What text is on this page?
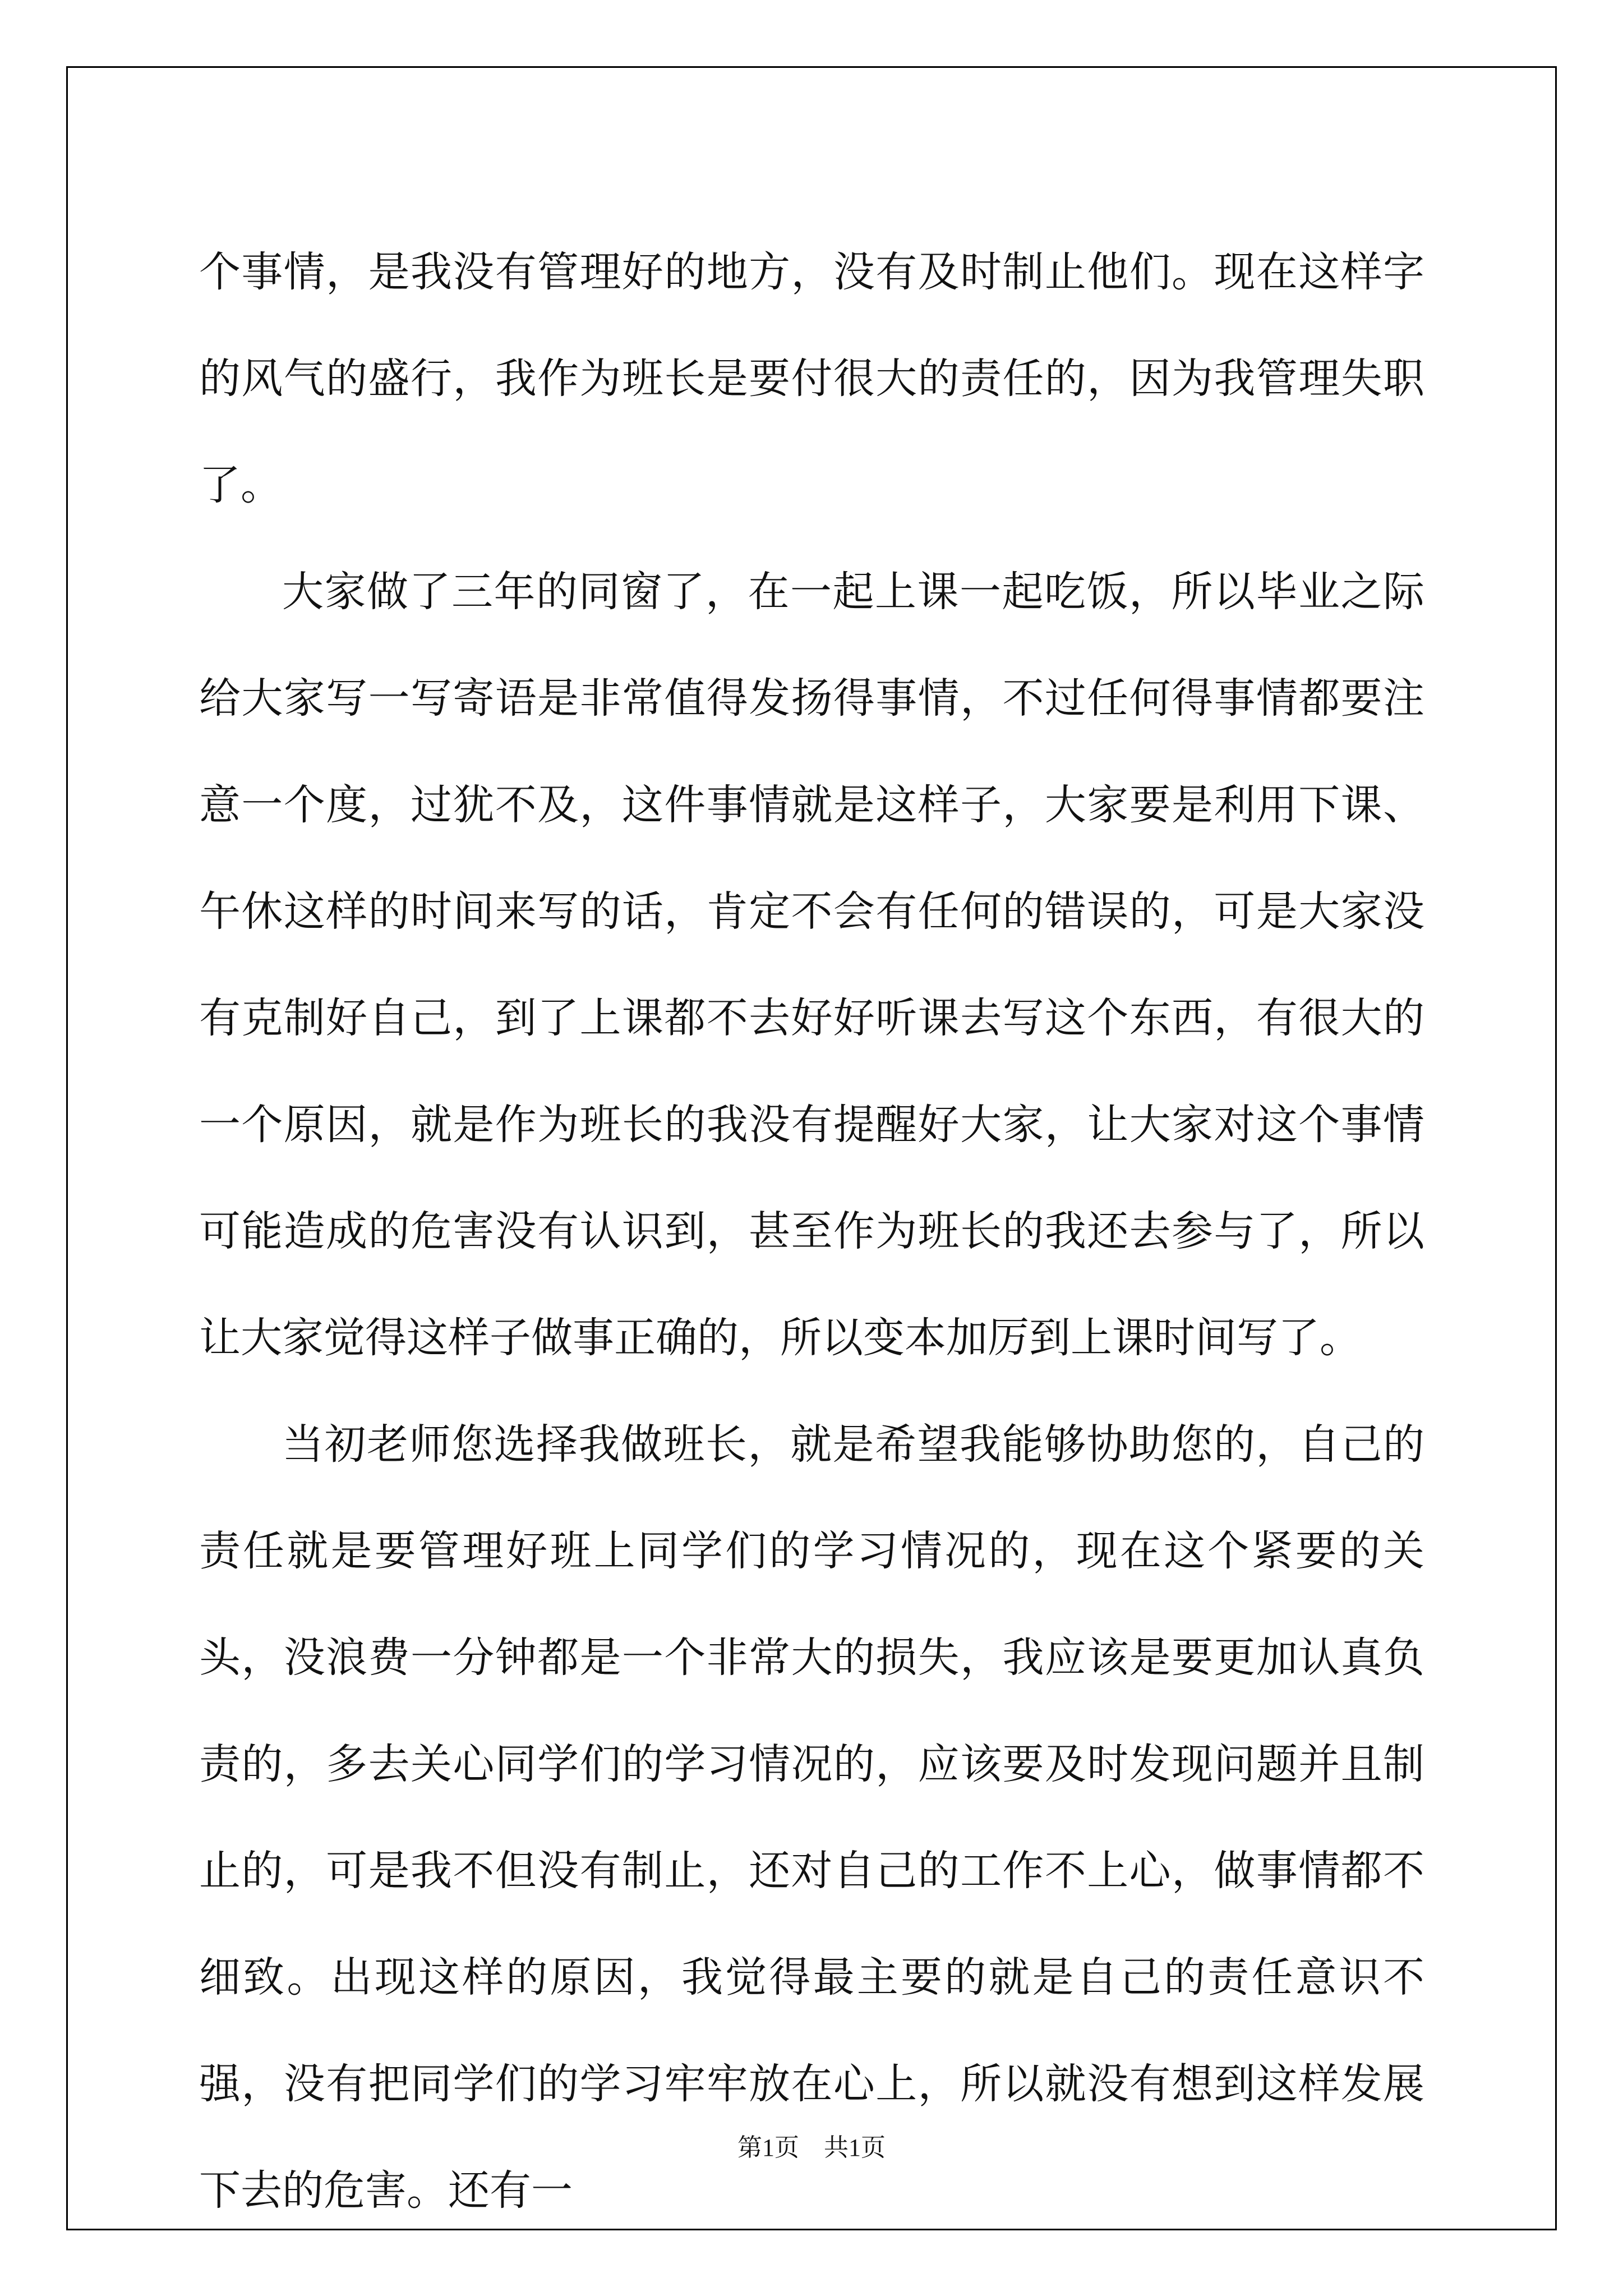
个事情，是我没有管理好的地方，没有及时制止他们。现在这样字的风气的盛行，我作为班长是要付很大的责任的，因为我管理失职了。

大家做了三年的同窗了，在一起上课一起吃饭，所以毕业之际给大家写一写寄语是非常值得发扬得事情，不过任何得事情都要注意一个度，过犹不及，这件事情就是这样子，大家要是利用下课、午休这样的时间来写的话，肯定不会有任何的错误的，可是大家没有克制好自己，到了上课都不去好好听课去写这个东西，有很大的一个原因，就是作为班长的我没有提醒好大家，让大家对这个事情可能造成的危害没有认识到，甚至作为班长的我还去参与了，所以让大家觉得这样子做事正确的，所以变本加厉到上课时间写了。

当初老师您选择我做班长，就是希望我能够协助您的，自己的责任就是要管理好班上同学们的学习情况的，现在这个紧要的关头，没浪费一分钟都是一个非常大的损失，我应该是要更加认真负责的，多去关心同学们的学习情况的，应该要及时发现问题并且制止的，可是我不但没有制止，还对自己的工作不上心，做事情都不细致。出现这样的原因，我觉得最主要的就是自己的责任意识不强，没有把同学们的学习牢牢放在心上，所以就没有想到这样发展下去的危害。还有一

第1页　共1页
